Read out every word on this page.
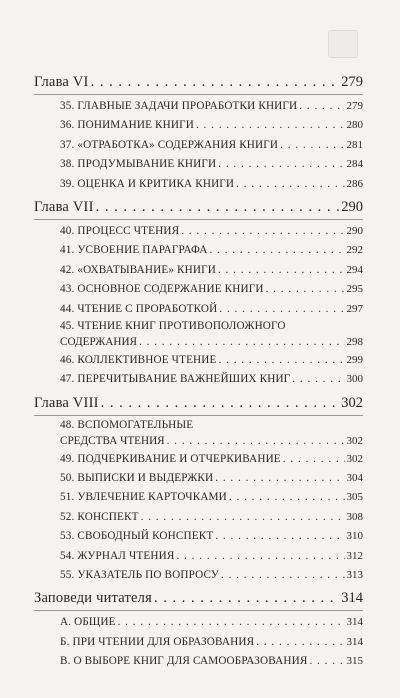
Глава VI . . .	279
35. ГЛАВНЫЕ ЗАДАЧИ ПРОРАБОТКИ КНИГИ . . .	279
36. ПОНИМАНИЕ КНИГИ . . .	280
37. «ОТРАБОТКА» СОДЕРЖАНИЯ КНИГИ . . .	281
38. ПРОДУМЫВАНИЕ КНИГИ . . .	284
39. ОЦЕНКА И КРИТИКА КНИГИ . . .	286
Глава VII . . .	290
40. ПРОЦЕСС ЧТЕНИЯ . . .	290
41. УСВОЕНИЕ ПАРАГРАФА . . .	292
42. «ОХВАТЫВАНИЕ» КНИГИ . . .	294
43. ОСНОВНОЕ СОДЕРЖАНИЕ КНИГИ . . .	295
44. ЧТЕНИЕ С ПРОРАБОТКОЙ . . .	297
45. ЧТЕНИЕ КНИГ ПРОТИВОПОЛОЖНОГО
СОДЕРЖАНИЯ . . .	298
46. КОЛЛЕКТИВНОЕ ЧТЕНИЕ . . .	299
47. ПЕРЕЧИТЫВАНИЕ ВАЖНЕЙШИХ КНИГ . . .	300
Глава VIII . . .	302
48. ВСПОМОГАТЕЛЬНЫЕ
СРЕДСТВА ЧТЕНИЯ . . .	302
49. ПОДЧЕРКИВАНИЕ И ОТЧЕРКИВАНИЕ . . .	302
50. ВЫПИСКИ И ВЫДЕРЖКИ . . .	304
51. УВЛЕЧЕНИЕ КАРТОЧКАМИ . . .	305
52. КОНСПЕКТ . . .	308
53. СВОБОДНЫЙ КОНСПЕКТ . . .	310
54. ЖУРНАЛ ЧТЕНИЯ . . .	312
55. УКАЗАТЕЛЬ ПО ВОПРОСУ . . .	313
Заповеди читателя . . .	314
А. ОБЩИЕ . . .	314
Б. ПРИ ЧТЕНИИ ДЛЯ ОБРАЗОВАНИЯ . . .	314
В. О ВЫБОРЕ КНИГ ДЛЯ САМООБРАЗОВАНИЯ . . .	315
